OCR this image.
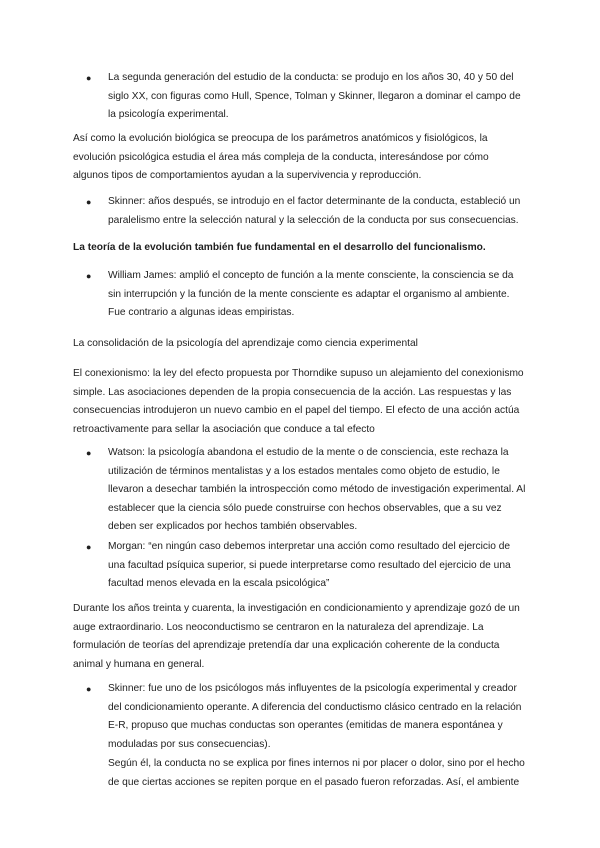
● La segunda generación del estudio de la conducta: se produjo en los años 30, 40 y 50 del siglo XX, con figuras como Hull, Spence, Tolman y Skinner, llegaron a dominar el campo de la psicología experimental.

Así como la evolución biológica se preocupa de los parámetros anatómicos y fisiológicos, la evolución psicológica estudia el área más compleja de la conducta, interesándose por cómo algunos tipos de comportamientos ayudan a la supervivencia y reproducción.

● Skinner: años después, se introdujo en el factor determinante de la conducta, estableció un paralelismo entre la selección natural y la selección de la conducta por sus consecuencias.

La teoría de la evolución también fue fundamental en el desarrollo del funcionalismo.

● William James: amplió el concepto de función a la mente consciente, la consciencia se da sin interrupción y la función de la mente consciente es adaptar el organismo al ambiente. Fue contrario a algunas ideas empiristas.

La consolidación de la psicología del aprendizaje como ciencia experimental

El conexionismo: la ley del efecto propuesta por Thorndike supuso un alejamiento del conexionismo simple. Las asociaciones dependen de la propia consecuencia de la acción. Las respuestas y las consecuencias introdujeron un nuevo cambio en el papel del tiempo. El efecto de una acción actúa retroactivamente para sellar la asociación que conduce a tal efecto

● Watson: la psicología abandona el estudio de la mente o de consciencia, este rechaza la utilización de términos mentalistas y a los estados mentales como objeto de estudio, le llevaron a desechar también la introspección como método de investigación experimental. Al establecer que la ciencia sólo puede construirse con hechos observables, que a su vez deben ser explicados por hechos también observables.

● Morgan: “en ningún caso debemos interpretar una acción como resultado del ejercicio de una facultad psíquica superior, si puede interpretarse como resultado del ejercicio de una facultad menos elevada en la escala psicológica”

Durante los años treinta y cuarenta, la investigación en condicionamiento y aprendizaje gozó de un auge extraordinario. Los neoconductismo se centraron en la naturaleza del aprendizaje. La formulación de teorías del aprendizaje pretendía dar una explicación coherente de la conducta animal y humana en general.

● Skinner: fue uno de los psicólogos más influyentes de la psicología experimental y creador del condicionamiento operante. A diferencia del conductismo clásico centrado en la relación E-R, propuso que muchas conductas son operantes (emitidas de manera espontánea y moduladas por sus consecuencias).
Según él, la conducta no se explica por fines internos ni por placer o dolor, sino por el hecho de que ciertas acciones se repiten porque en el pasado fueron reforzadas. Así, el ambiente
